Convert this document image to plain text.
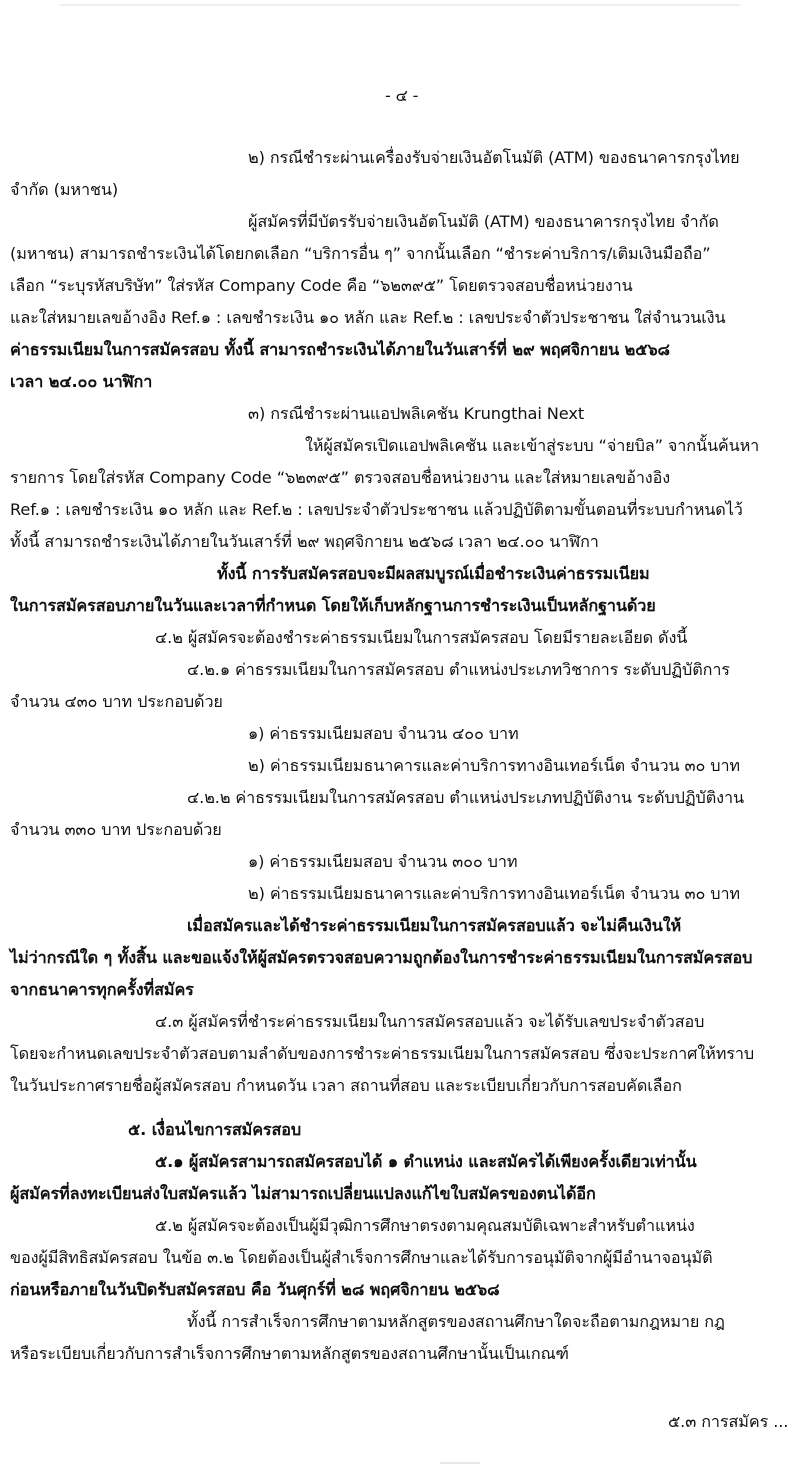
- ๔ -
๒) กรณีชำระผ่านเครื่องรับจ่ายเงินอัตโนมัติ (ATM) ของธนาคารกรุงไทย
จำกัด (มหาชน)
ผู้สมัครที่มีบัตรรับจ่ายเงินอัตโนมัติ (ATM) ของธนาคารกรุงไทย จำกัด
(มหาชน) สามารถชำระเงินได้โดยกดเลือก “บริการอื่น ๆ” จากนั้นเลือก “ชำระค่าบริการ/เติมเงินมือถือ”
เลือก “ระบุรหัสบริษัท” ใส่รหัส Company Code คือ “๖๒๓๙๕” โดยตรวจสอบชื่อหน่วยงาน
และใส่หมายเลขอ้างอิง Ref.๑ : เลขชำระเงิน ๑๐ หลัก และ Ref.๒ : เลขประจำตัวประชาชน ใส่จำนวนเงิน
ค่าธรรมเนียมในการสมัครสอบ ทั้งนี้ สามารถชำระเงินได้ภายในวันเสาร์ที่ ๒๙ พฤศจิกายน ๒๕๖๘
เวลา ๒๔.๐๐ นาฬิกา
๓) กรณีชำระผ่านแอปพลิเคชัน Krungthai Next
ให้ผู้สมัครเปิดแอปพลิเคชัน และเข้าสู่ระบบ “จ่ายบิล” จากนั้นค้นหา
รายการ โดยใส่รหัส Company Code “๖๒๓๙๕” ตรวจสอบชื่อหน่วยงาน และใส่หมายเลขอ้างอิง
Ref.๑ : เลขชำระเงิน ๑๐ หลัก และ Ref.๒ : เลขประจำตัวประชาชน แล้วปฏิบัติตามขั้นตอนที่ระบบกำหนดไว้
ทั้งนี้ สามารถชำระเงินได้ภายในวันเสาร์ที่ ๒๙ พฤศจิกายน ๒๕๖๘ เวลา ๒๔.๐๐ นาฬิกา
ทั้งนี้ การรับสมัครสอบจะมีผลสมบูรณ์เมื่อชำระเงินค่าธรรมเนียม
ในการสมัครสอบภายในวันและเวลาที่กำหนด โดยให้เก็บหลักฐานการชำระเงินเป็นหลักฐานด้วย
๔.๒ ผู้สมัครจะต้องชำระค่าธรรมเนียมในการสมัครสอบ โดยมีรายละเอียด ดังนี้
๔.๒.๑ ค่าธรรมเนียมในการสมัครสอบ ตำแหน่งประเภทวิชาการ ระดับปฏิบัติการ
จำนวน ๔๓๐ บาท ประกอบด้วย
๑) ค่าธรรมเนียมสอบ จำนวน ๔๐๐ บาท
๒) ค่าธรรมเนียมธนาคารและค่าบริการทางอินเทอร์เน็ต จำนวน ๓๐ บาท
๔.๒.๒ ค่าธรรมเนียมในการสมัครสอบ ตำแหน่งประเภทปฏิบัติงาน ระดับปฏิบัติงาน
จำนวน ๓๓๐ บาท ประกอบด้วย
๑) ค่าธรรมเนียมสอบ จำนวน ๓๐๐ บาท
๒) ค่าธรรมเนียมธนาคารและค่าบริการทางอินเทอร์เน็ต จำนวน ๓๐ บาท
เมื่อสมัครและได้ชำระค่าธรรมเนียมในการสมัครสอบแล้ว จะไม่คืนเงินให้
ไม่ว่ากรณีใด ๆ ทั้งสิ้น และขอแจ้งให้ผู้สมัครตรวจสอบความถูกต้องในการชำระค่าธรรมเนียมในการสมัครสอบ
จากธนาคารทุกครั้งที่สมัคร
๔.๓ ผู้สมัครที่ชำระค่าธรรมเนียมในการสมัครสอบแล้ว จะได้รับเลขประจำตัวสอบ
โดยจะกำหนดเลขประจำตัวสอบตามลำดับของการชำระค่าธรรมเนียมในการสมัครสอบ ซึ่งจะประกาศให้ทราบ
ในวันประกาศรายชื่อผู้สมัครสอบ กำหนดวัน เวลา สถานที่สอบ และระเบียบเกี่ยวกับการสอบคัดเลือก
๕. เงื่อนไขการสมัครสอบ
๕.๑ ผู้สมัครสามารถสมัครสอบได้ ๑ ตำแหน่ง และสมัครได้เพียงครั้งเดียวเท่านั้น
ผู้สมัครที่ลงทะเบียนส่งใบสมัครแล้ว ไม่สามารถเปลี่ยนแปลงแก้ไขใบสมัครของตนได้อีก
๕.๒ ผู้สมัครจะต้องเป็นผู้มีวุฒิการศึกษาตรงตามคุณสมบัติเฉพาะสำหรับตำแหน่ง
ของผู้มีสิทธิสมัครสอบ ในข้อ ๓.๒ โดยต้องเป็นผู้สำเร็จการศึกษาและได้รับการอนุมัติจากผู้มีอำนาจอนุมัติ
ก่อนหรือภายในวันปิดรับสมัครสอบ คือ วันศุกร์ที่ ๒๘ พฤศจิกายน ๒๕๖๘
ทั้งนี้ การสำเร็จการศึกษาตามหลักสูตรของสถานศึกษาใดจะถือตามกฎหมาย กฎ
หรือระเบียบเกี่ยวกับการสำเร็จการศึกษาตามหลักสูตรของสถานศึกษานั้นเป็นเกณฑ์
๕.๓ การสมัคร ...
